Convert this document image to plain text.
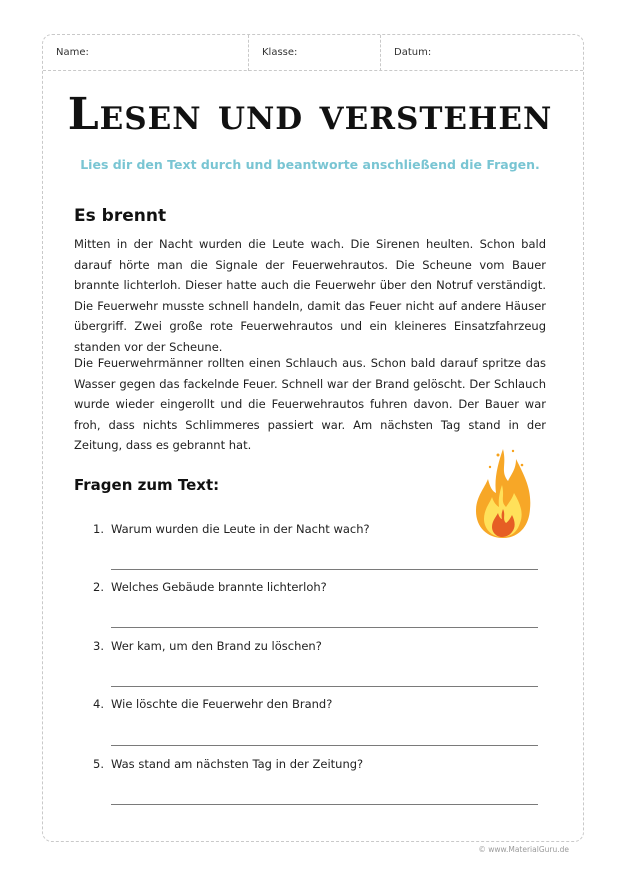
Name:	Klasse:	Datum:
Lesen und verstehen
Lies dir den Text durch und beantworte anschließend die Fragen.
Es brennt
Mitten in der Nacht wurden die Leute wach. Die Sirenen heulten. Schon bald darauf hörte man die Signale der Feuerwehrautos. Die Scheune vom Bauer brannte lichterloh. Dieser hatte auch die Feuerwehr über den Notruf verständigt. Die Feuerwehr musste schnell handeln, damit das Feuer nicht auf andere Häuser übergriff. Zwei große rote Feuerwehrautos und ein kleineres Einsatzfahrzeug standen vor der Scheune.
Die Feuerwehrmänner rollten einen Schlauch aus. Schon bald darauf spritze das Wasser gegen das fackelnde Feuer. Schnell war der Brand gelöscht. Der Schlauch wurde wieder eingerollt und die Feuerwehrautos fuhren davon. Der Bauer war froh, dass nichts Schlimmeres passiert war. Am nächsten Tag stand in der Zeitung, dass es gebrannt hat.
Fragen zum Text:
1. Warum wurden die Leute in der Nacht wach?
2. Welches Gebäude brannte lichterloh?
3. Wer kam, um den Brand zu löschen?
4. Wie löschte die Feuerwehr den Brand?
5. Was stand am nächsten Tag in der Zeitung?
© www.MaterialGuru.de
